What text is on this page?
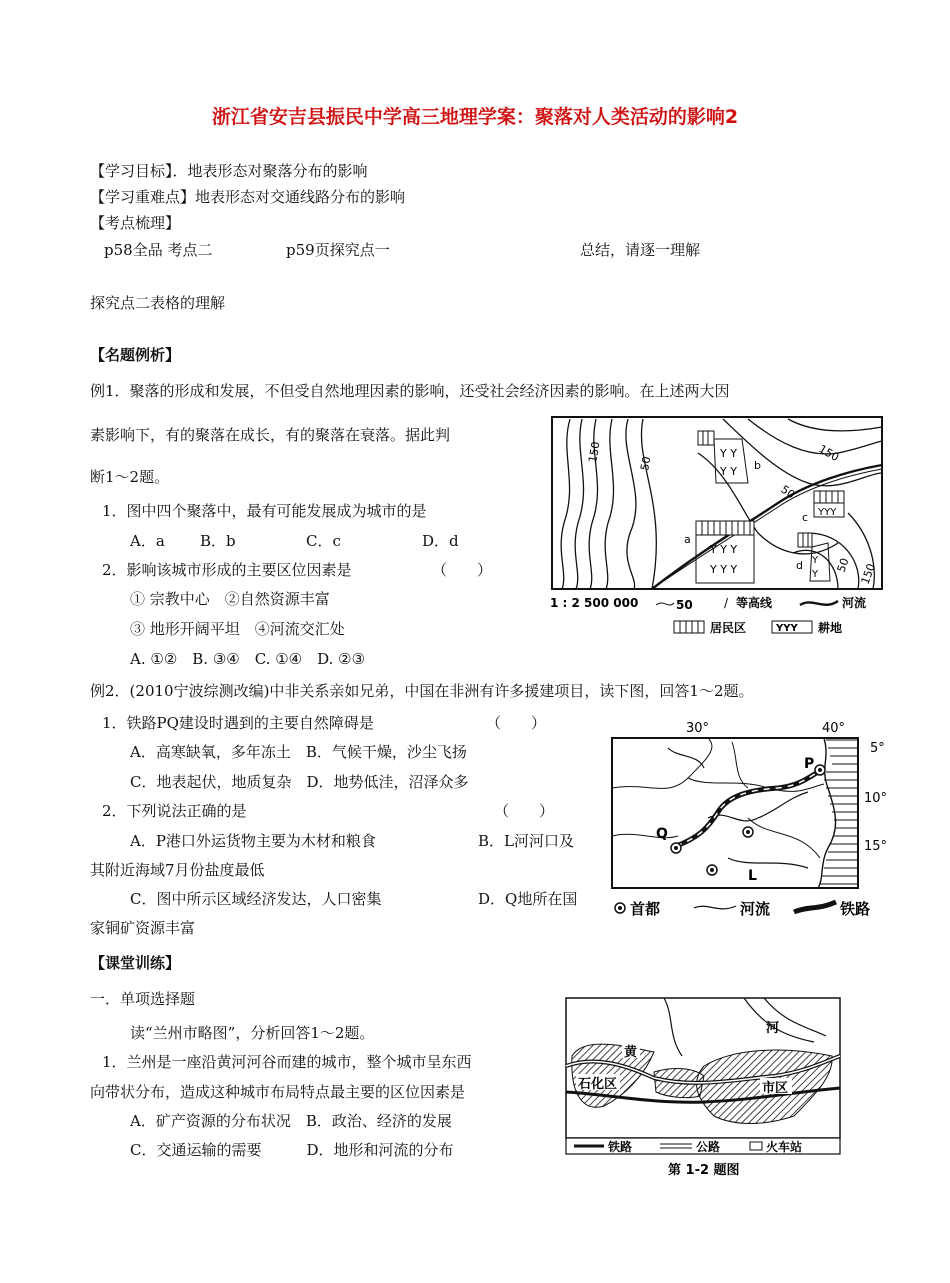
浙江省安吉县振民中学高三地理学案：聚落对人类活动的影响2
【学习目标】．地表形态对聚落分布的影响
【学习重难点】地表形态对交通线路分布的影响
【考点梳理】
p58全品 考点二	p59页探究点一	总结，请逐一理解
探究点二表格的理解
【名题例析】
例1．聚落的形成和发展，不但受自然地理因素的影响，还受社会经济因素的影响。在上述两大因
素影响下，有的聚落在成长，有的聚落在衰落。据此判
断1～2题。
1．图中四个聚落中，最有可能发展成为城市的是
A．a B．b	C．c	D．d
2．影响该城市形成的主要区位因素是	（　　）
① 宗教中心　②自然资源丰富
③ 地形开阔平坦　④河流交汇处
A. ①②　B. ③④　C. ①④　D. ②③
例2．(2010宁波综测改编)中非关系亲如兄弟，中国在非洲有许多援建项目，读下图，回答1～2题。
1．铁路PQ建设时遇到的主要自然障碍是	（　　）
A．高寒缺氧，多年冻土　B．气候干燥，沙尘飞扬
C．地表起伏，地质复杂　D．地势低洼，沼泽众多
2．下列说法正确的是	（　　）
A．P港口外运货物主要为木材和粮食	B．L河河口及
其附近海域7月份盐度最低
C．图中所示区域经济发达，人口密集	D．Q地所在国
家铜矿资源丰富
【课堂训练】
一．单项选择题
读“兰州市略图”，分析回答1～2题。
1．兰州是一座沿黄河河谷而建的城市，整个城市呈东西
向带状分布，造成这种城市布局特点最主要的区位因素是
A．矿产资源的分布状况　B．政治、经济的发展
C．交通运输的需要　　　D．地形和河流的分布
Y Y Y
Y Y Y
a
Y Y
Y Y b
YYY
c
Y
Y
d
150	50	150
50
50 150
1 : 2 500 000	50	/ 等高线	河流
居民区	YYY 耕地
30°	40°
5°
10°
15°
P
Q
L
首都	河流	铁路
河
黄
石化区	市区
铁路	公路	火车站
第 1-2 题图
